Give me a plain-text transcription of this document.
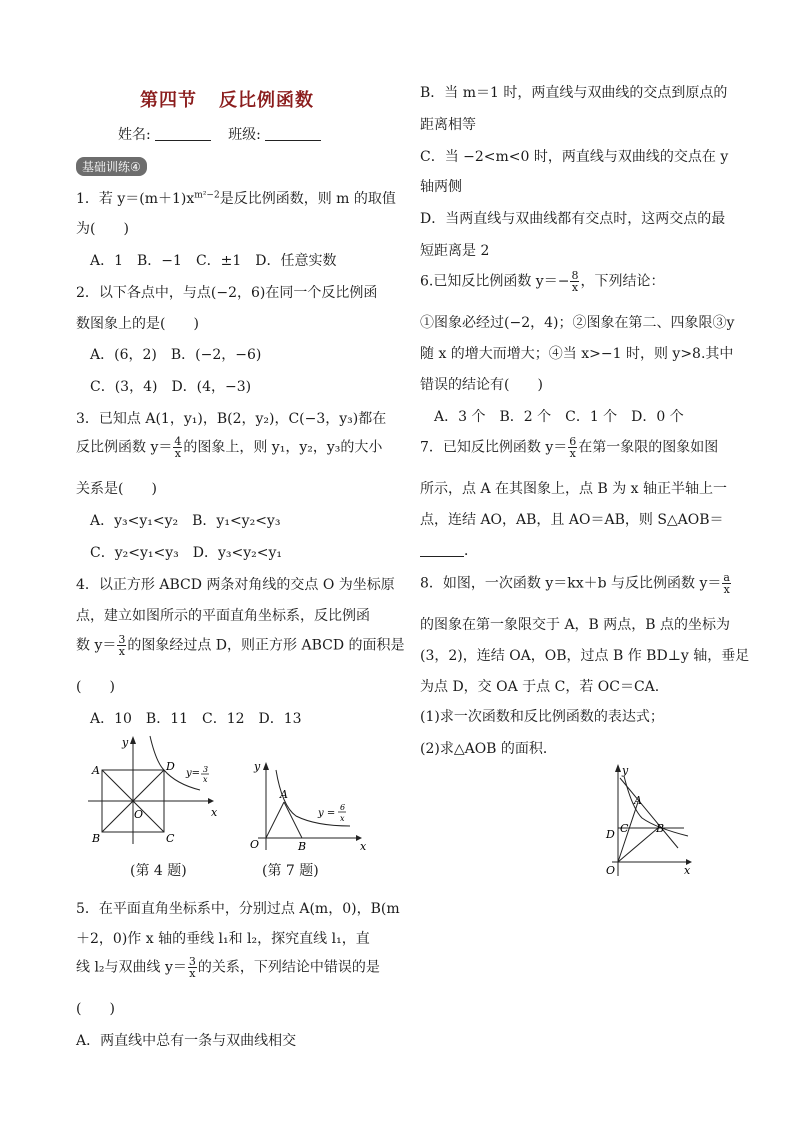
第四节 反比例函数
姓名:	班级:
基础训练④
1．若 $y=(m+1)x^{m^2-2}$是反比例函数，则 m 的取值
为(　　)
A．1　B．−1　C．±1　D．任意实数
2．以下各点中，与点(−2，6)在同一个反比例函
数图象上的是(　　)
A．(6，2)　B．(−2，−6)
C．(3，4)　D．(4，−3)
3．已知点 A(1，y₁)，B(2，y₂)，C(−3，y₃)都在
反比例函数 $y= \frac{4}{x}$ 的图象上，则 y₁，y₂，y₃的大小
关系是(　　)
A．y₃<y₁<y₂　B．y₁<y₂<y₃
C．y₂<y₁<y₃　D．y₃<y₂<y₁
4．以正方形 ABCD 两条对角线的交点 O 为坐标原
点，建立如图所示的平面直角坐标系，反比例函
数 $y= \frac{3}{x}$ 的图象经过点 D，则正方形 ABCD 的面积是
(　　)
A．10　B．11　C．12　D．13
A
B	C
D
O	x
y
y= 3
x
(第 4 题)
A
B
O	x
y
y =
6
x
(第 7 题)
5．在平面直角坐标系中，分别过点 A(m，0)，B(m
＋2，0)作 x 轴的垂线 l₁和 l₂，探究直线 l₁，直
线 l₂与双曲线 $y= \frac{3}{x}$ 的关系，下列结论中错误的是
(　　)
A．两直线中总有一条与双曲线相交
B．当 m＝1 时，两直线与双曲线的交点到原点的
距离相等
C．当 −2<m<0 时，两直线与双曲线的交点在 y
轴两侧
D．当两直线与双曲线都有交点时，这两交点的最
短距离是 2
6.已知反比例函数 $y=- \frac{8}{x}$ ，下列结论：
①图象必经过(−2，4)；②图象在第二、四象限③y
随 x 的增大而增大；④当 x>−1 时，则 y>8.其中
错误的结论有(　　)
A．3 个　B．2 个　C．1 个　D．0 个
7．已知反比例函数 $y= \frac{6}{x}$ 在第一象限的图象如图
所示，点 A 在其图象上，点 B 为 x 轴正半轴上一
点，连结 AO，AB，且 AO＝AB，则 S△AOB＝
．
8．如图，一次函数 y＝kx＋b 与反比例函数 $y= \frac{a}{x}$
的图象在第一象限交于 A，B 两点，B 点的坐标为
(3，2)，连结 OA，OB，过点 B 作 BD⊥y 轴，垂足
为点 D，交 OA 于点 C，若 OC＝CA.
(1)求一次函数和反比例函数的表达式；
(2)求△AOB 的面积．
A
B
C
D
O	x
y
